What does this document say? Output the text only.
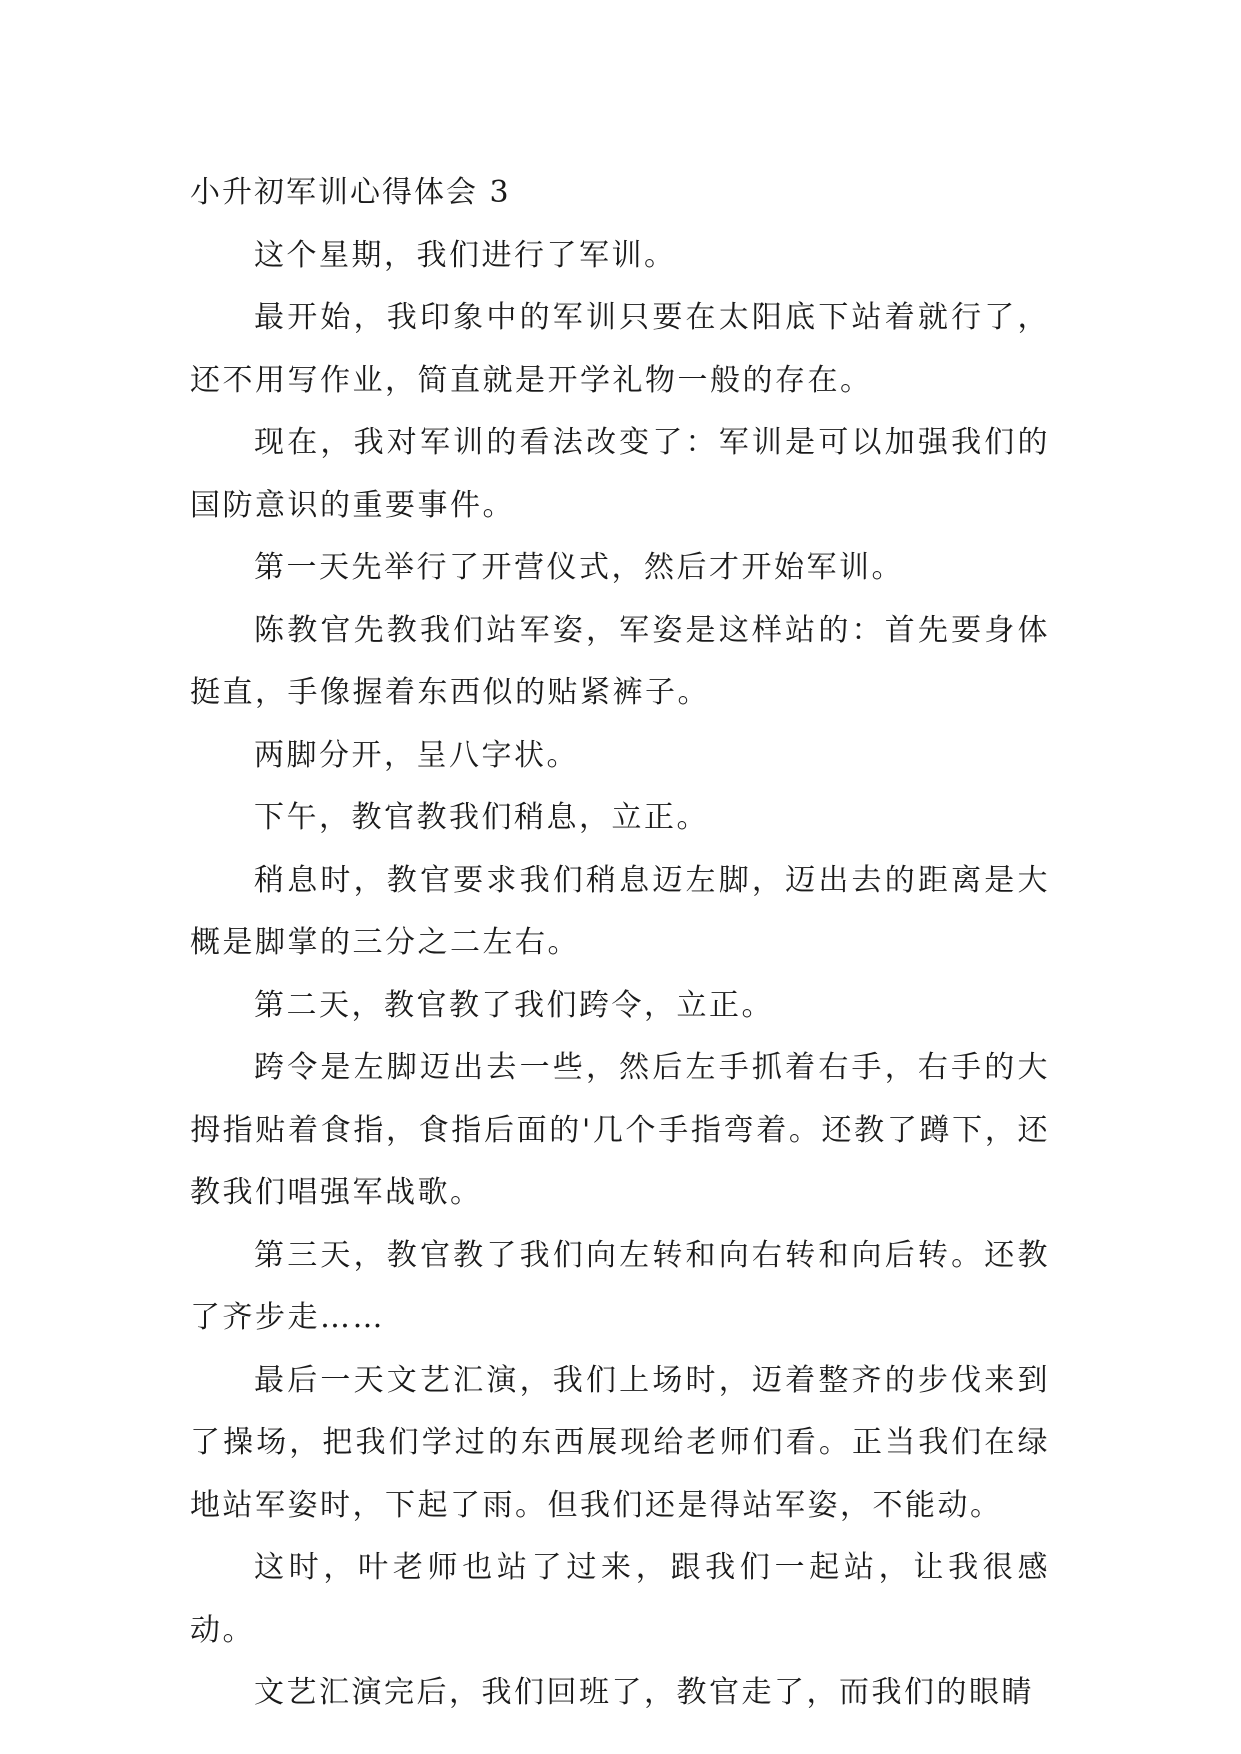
小升初军训心得体会 3

这个星期，我们进行了军训。

最开始，我印象中的军训只要在太阳底下站着就行了，还不用写作业，简直就是开学礼物一般的存在。

现在，我对军训的看法改变了：军训是可以加强我们的国防意识的重要事件。

第一天先举行了开营仪式，然后才开始军训。

陈教官先教我们站军姿，军姿是这样站的：首先要身体挺直，手像握着东西似的贴紧裤子。

两脚分开，呈八字状。

下午，教官教我们稍息，立正。

稍息时，教官要求我们稍息迈左脚，迈出去的距离是大概是脚掌的三分之二左右。

第二天，教官教了我们跨令，立正。

跨令是左脚迈出去一些，然后左手抓着右手，右手的大拇指贴着食指，食指后面的'几个手指弯着。还教了蹲下，还教我们唱强军战歌。

第三天，教官教了我们向左转和向右转和向后转。还教了齐步走……

最后一天文艺汇演，我们上场时，迈着整齐的步伐来到了操场，把我们学过的东西展现给老师们看。正当我们在绿地站军姿时，下起了雨。但我们还是得站军姿，不能动。

这时，叶老师也站了过来，跟我们一起站，让我很感动。

文艺汇演完后，我们回班了，教官走了，而我们的眼睛
